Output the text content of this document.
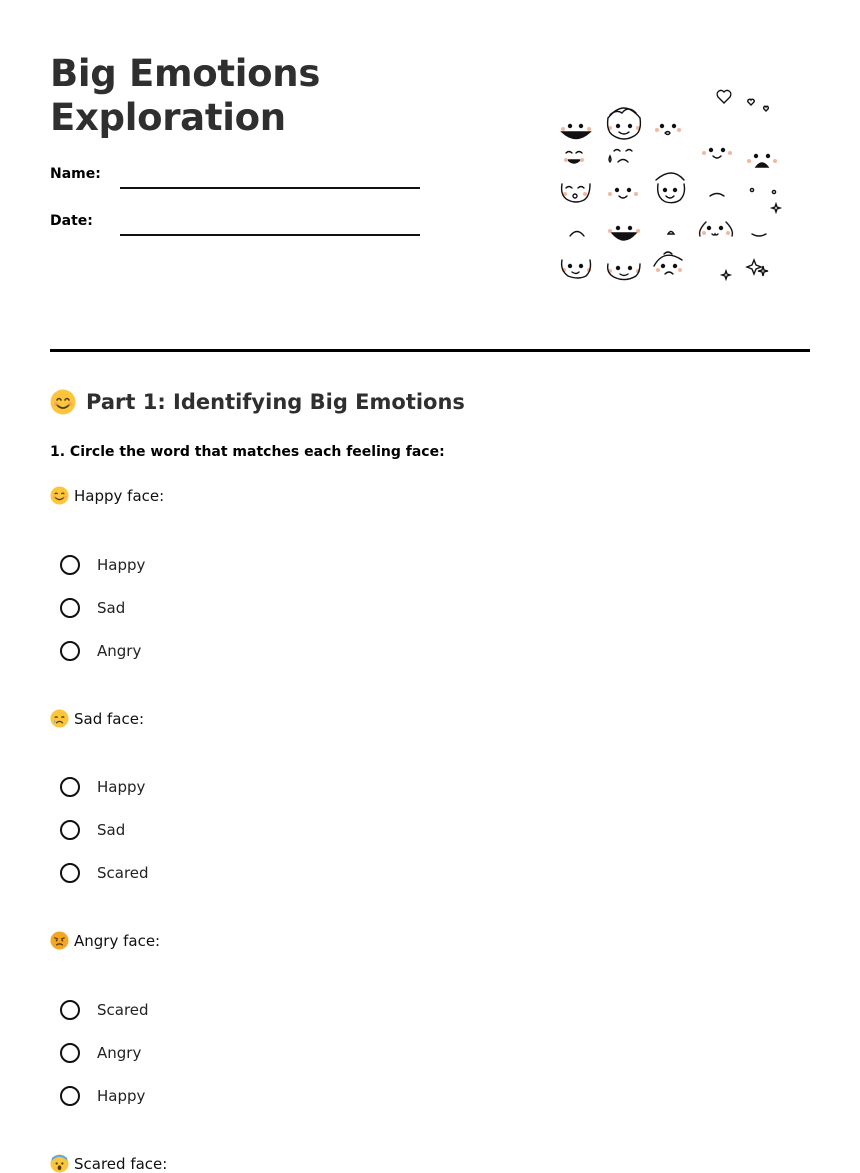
Big Emotions
Exploration
Name:
Date:
Part 1: Identifying Big Emotions

1. Circle the word that matches each feeling face:

Happy face:
Happy
Sad
Angry
Sad face:
Happy
Sad
Scared
Angry face:
Scared
Angry
Happy
Scared face:
